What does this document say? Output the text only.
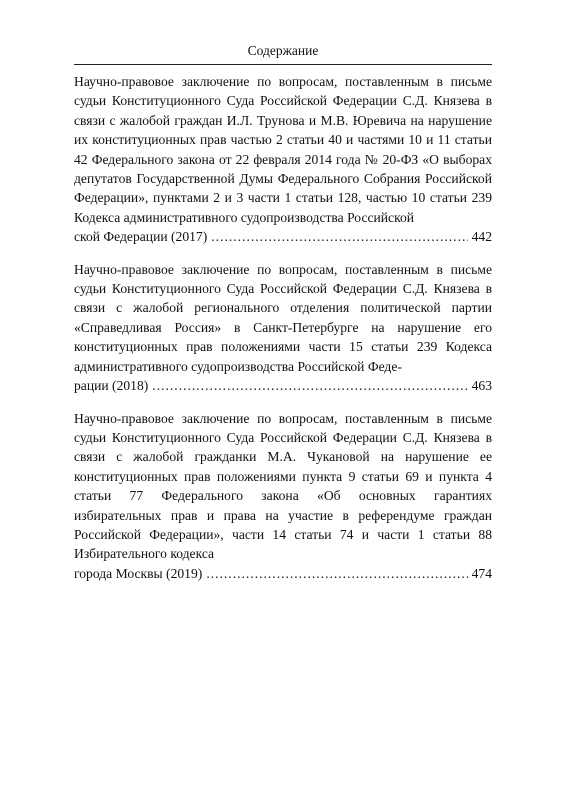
Содержание
Научно-правовое заключение по вопросам, поставленным в письме судьи Конституционного Суда Российской Федерации С.Д. Князева в связи с жалобой граждан И.Л. Трунова и М.В. Юревича на нарушение их конституционных прав частью 2 статьи 40 и частями 10 и 11 статьи 42 Федерального закона от 22 февраля 2014 года № 20-ФЗ «О выборах депутатов Государственной Думы Федерального Собрания Российской Федерации», пунктами 2 и 3 части 1 статьи 128, частью 10 статьи 239 Кодекса административного судопроизводства Российской
ской Федерации (2017) .....	442
Научно-правовое заключение по вопросам, поставленным в письме судьи Конституционного Суда Российской Федерации С.Д. Князева в связи с жалобой регионального отделения политической партии «Справедливая Россия» в Санкт-Петербурге на нарушение его конституционных прав положениями части 15 статьи 239 Кодекса административного судопроизводства Российской Феде-
рации (2018) .....	463
Научно-правовое заключение по вопросам, поставленным в письме судьи Конституционного Суда Российской Федерации С.Д. Князева в связи с жалобой гражданки М.А. Чукановой на нарушение ее конституционных прав положениями пункта 9 статьи 69 и пункта 4 статьи 77 Федерального закона «Об основных гарантиях избирательных прав и права на участие в референдуме граждан Российской Федерации», части 14 статьи 74 и части 1 статьи 88 Избирательного кодекса
города Москвы (2019) .....	474
